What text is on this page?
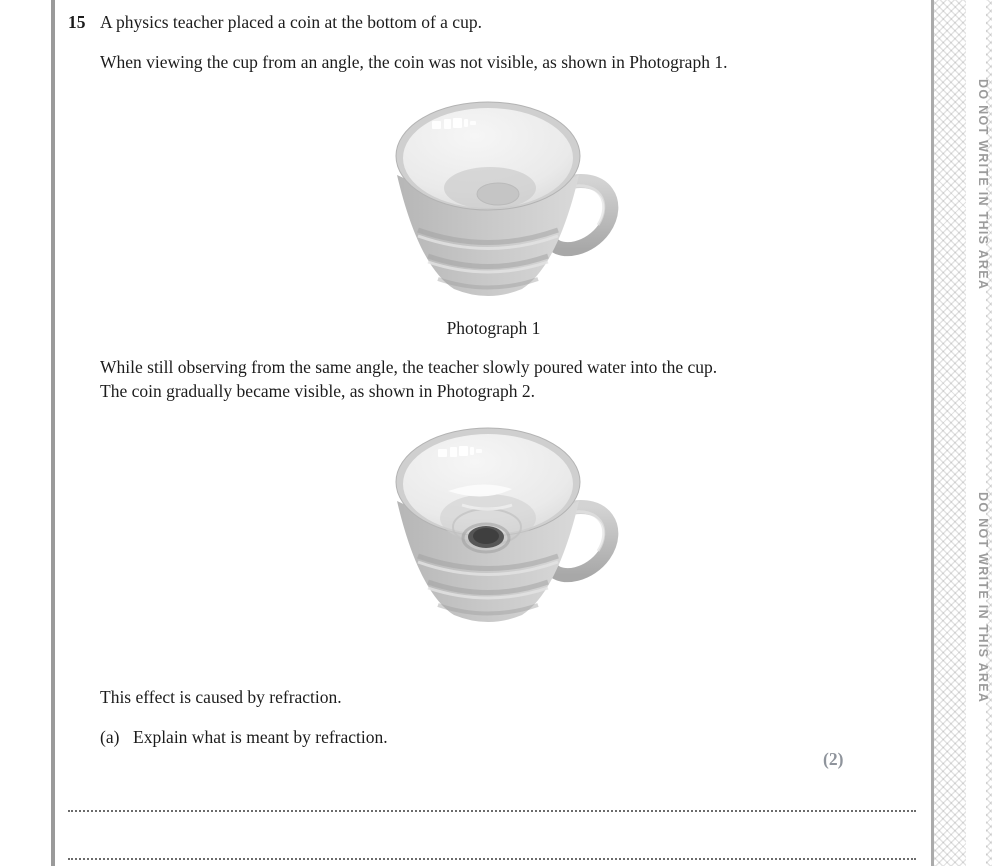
15 A physics teacher placed a coin at the bottom of a cup.
When viewing the cup from an angle, the coin was not visible, as shown in Photograph 1.
Photograph 1
While still observing from the same angle, the teacher slowly poured water into the cup.
The coin gradually became visible, as shown in Photograph 2.
This effect is caused by refraction.
(a) Explain what is meant by refraction.
(2)
DO NOT WRITE IN THIS AREA
DO NOT WRITE IN THIS AREA
